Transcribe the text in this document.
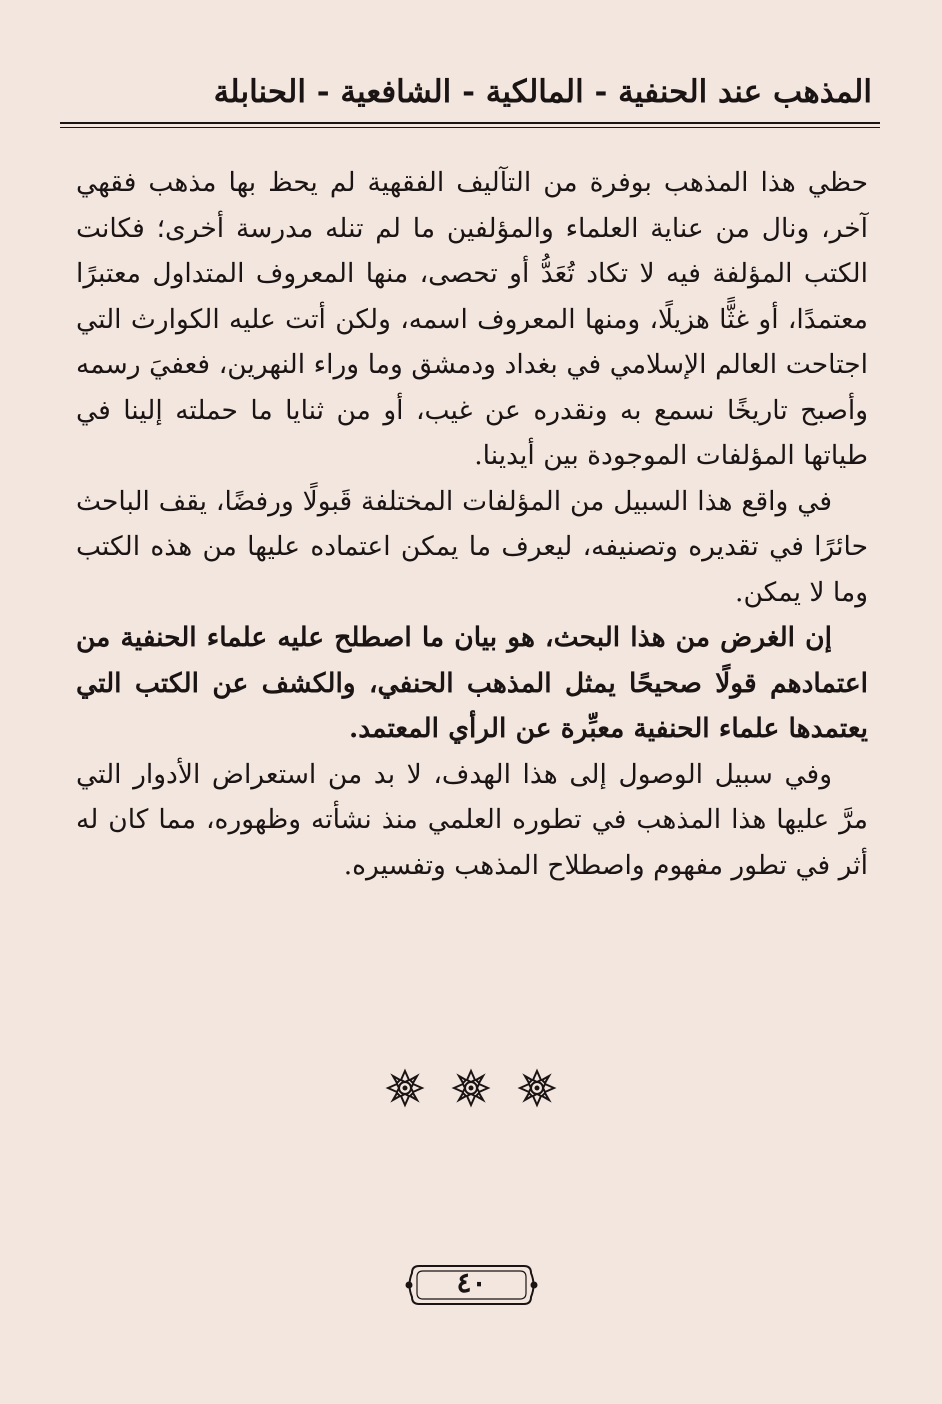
المذهب عند الحنفية - المالكية - الشافعية - الحنابلة

حظي هذا المذهب بوفرة من التآليف الفقهية لم يحظ بها مذهب فقهي آخر، ونال من عناية العلماء والمؤلفين ما لم تنله مدرسة أخرى؛ فكانت الكتب المؤلفة فيه لا تكاد تُعَدُّ أو تحصى، منها المعروف المتداول معتبرًا معتمدًا، أو غثًّا هزيلًا، ومنها المعروف اسمه، ولكن أتت عليه الكوارث التي اجتاحت العالم الإسلامي في بغداد ودمشق وما وراء النهرين، فعفيَ رسمه وأصبح تاريخًا نسمع به ونقدره عن غيب، أو من ثنايا ما حملته إلينا في طياتها المؤلفات الموجودة بين أيدينا.

في واقع هذا السبيل من المؤلفات المختلفة قَبولًا ورفضًا، يقف الباحث حائرًا في تقديره وتصنيفه، ليعرف ما يمكن اعتماده عليها من هذه الكتب وما لا يمكن.

إن الغرض من هذا البحث، هو بيان ما اصطلح عليه علماء الحنفية من اعتمادهم قولًا صحيحًا يمثل المذهب الحنفي، والكشف عن الكتب التي يعتمدها علماء الحنفية معبِّرة عن الرأي المعتمد.

وفي سبيل الوصول إلى هذا الهدف، لا بد من استعراض الأدوار التي مرَّ عليها هذا المذهب في تطوره العلمي منذ نشأته وظهوره، مما كان له أثر في تطور مفهوم واصطلاح المذهب وتفسيره.

٤٠
